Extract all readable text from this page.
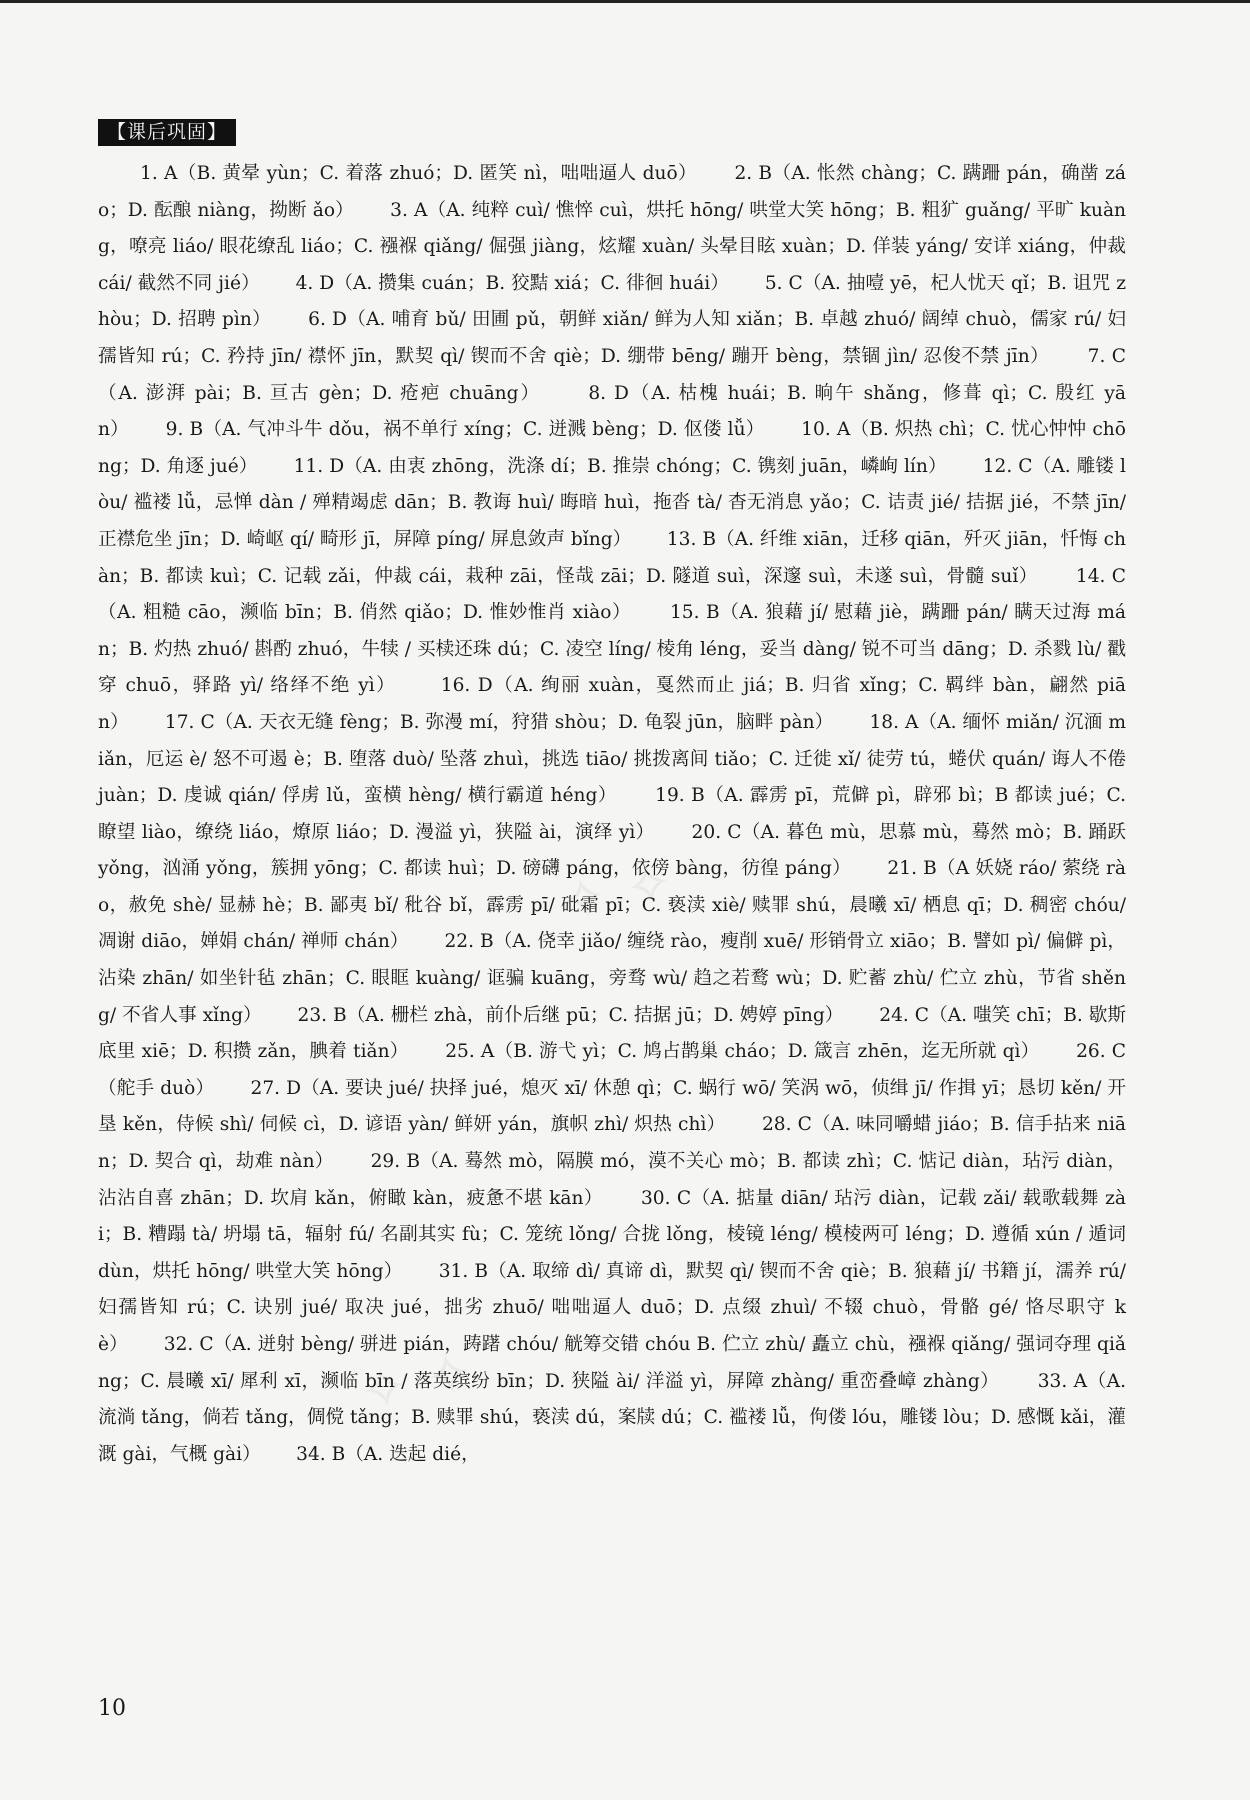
✧ ✧
✧ ✧
【课后巩固】
1. A（B. 黄晕 yùn；C. 着落 zhuó；D. 匿笑 nì，咄咄逼人 duō） 2. B（A. 怅然 chàng；C. 蹒跚 pán，确凿 záo；D. 酝酿 niàng，拗断 ǎo） 3. A（A. 纯粹 cuì/ 憔悴 cuì，烘托 hōng/ 哄堂大笑 hōng；B. 粗犷 guǎng/ 平旷 kuàng，嘹亮 liáo/ 眼花缭乱 liáo；C. 襁褓 qiǎng/ 倔强 jiàng，炫耀 xuàn/ 头晕目眩 xuàn；D. 佯装 yáng/ 安详 xiáng，仲裁 cái/ 截然不同 jié） 4. D（A. 攒集 cuán；B. 狡黠 xiá；C. 徘徊 huái） 5. C（A. 抽噎 yē，杞人忧天 qǐ；B. 诅咒 zhòu；D. 招聘 pìn） 6. D（A. 哺育 bǔ/ 田圃 pǔ，朝鲜 xiǎn/ 鲜为人知 xiǎn；B. 卓越 zhuó/ 阔绰 chuò，儒家 rú/ 妇孺皆知 rú；C. 矜持 jīn/ 襟怀 jīn，默契 qì/ 锲而不舍 qiè；D. 绷带 bēng/ 蹦开 bèng，禁锢 jìn/ 忍俊不禁 jīn） 7. C（A. 澎湃 pài；B. 亘古 gèn；D. 疮疤 chuāng）	8. D（A. 枯槐 huái；B. 晌午 shǎng，修葺 qì；C. 殷红 yān） 9. B（A. 气冲斗牛 dǒu，祸不单行 xíng；C. 迸溅 bèng；D. 伛偻 lǚ） 10. A（B. 炽热 chì；C. 忧心忡忡 chōng；D. 角逐 jué） 11. D（A. 由衷 zhōng，洗涤 dí；B. 推崇 chóng；C. 镌刻 juān，嶙峋 lín） 12. C（A. 雕镂 lòu/ 褴褛 lǚ，忌惮 dàn / 殚精竭虑 dān；B. 教诲 huì/ 晦暗 huì，拖沓 tà/ 杳无消息 yǎo；C. 诘责 jié/ 拮据 jié，不禁 jīn/ 正襟危坐 jīn；D. 崎岖 qí/ 畸形 jī，屏障 píng/ 屏息敛声 bǐng） 13. B（A. 纤维 xiān，迁移 qiān，歼灭 jiān，忏悔 chàn；B. 都读 kuì；C. 记载 zǎi，仲裁 cái，栽种 zāi，怪哉 zāi；D. 隧道 suì，深邃 suì，未遂 suì，骨髓 suǐ） 14. C（A. 粗糙 cāo，濒临 bīn；B. 俏然 qiǎo；D. 惟妙惟肖 xiào） 15. B（A. 狼藉 jí/ 慰藉 jiè，蹒跚 pán/ 瞒天过海 mán；B. 灼热 zhuó/ 斟酌 zhuó，牛犊 / 买椟还珠 dú；C. 凌空 líng/ 棱角 léng，妥当 dàng/ 锐不可当 dāng；D. 杀戮 lù/ 戳穿 chuō，驿路 yì/ 络绎不绝 yì） 16. D（A. 绚丽 xuàn，戛然而止 jiá；B. 归省 xǐng；C. 羁绊 bàn，翩然 piān） 17. C（A. 天衣无缝 fèng；B. 弥漫 mí，狩猎 shòu；D. 龟裂 jūn，脑畔 pàn） 18. A（A. 缅怀 miǎn/ 沉湎 miǎn，厄运 è/ 怒不可遏 è；B. 堕落 duò/ 坠落 zhuì，挑选 tiāo/ 挑拨离间 tiǎo；C. 迁徙 xǐ/ 徒劳 tú，蜷伏 quán/ 诲人不倦 juàn；D. 虔诚 qián/ 俘虏 lǔ，蛮横 hèng/ 横行霸道 héng） 19. B（A. 霹雳 pī，荒僻 pì，辟邪 bì；B 都读 jué；C. 瞭望 liào，缭绕 liáo，燎原 liáo；D. 漫溢 yì，狭隘 ài，演绎 yì） 20. C（A. 暮色 mù，思慕 mù，蓦然 mò；B. 踊跃 yǒng，汹涌 yǒng，簇拥 yōng；C. 都读 huì；D. 磅礴 páng，依傍 bàng，彷徨 páng） 21. B（A 妖娆 ráo/ 萦绕 rào，赦免 shè/ 显赫 hè；B. 鄙夷 bǐ/ 秕谷 bǐ，霹雳 pī/ 砒霜 pī；C. 亵渎 xiè/ 赎罪 shú，晨曦 xī/ 栖息 qī；D. 稠密 chóu/ 凋谢 diāo，婵娟 chán/ 禅师 chán） 22. B（A. 侥幸 jiǎo/ 缠绕 rào，瘦削 xuē/ 形销骨立 xiāo；B. 譬如 pì/ 偏僻 pì，沾染 zhān/ 如坐针毡 zhān；C. 眼眶 kuàng/ 诓骗 kuāng，旁骛 wù/ 趋之若鹜 wù；D. 贮蓄 zhù/ 伫立 zhù，节省 shěng/ 不省人事 xǐng） 23. B（A. 栅栏 zhà，前仆后继 pū；C. 拮据 jū；D. 娉婷 pīng） 24. C（A. 嗤笑 chī；B. 歇斯底里 xiē；D. 积攒 zǎn，腆着 tiǎn） 25. A（B. 游弋 yì；C. 鸠占鹊巢 cháo；D. 箴言 zhēn，迄无所就 qì） 26. C（舵手 duò） 27. D（A. 要诀 jué/ 抉择 jué，熄灭 xī/ 休憩 qì；C. 蜗行 wō/ 笑涡 wō，侦缉 jī/ 作揖 yī；恳切 kěn/ 开垦 kěn，侍候 shì/ 伺候 cì，D. 谚语 yàn/ 鲜妍 yán，旗帜 zhì/ 炽热 chì） 28. C（A. 味同嚼蜡 jiáo；B. 信手拈来 niān；D. 契合 qì，劫难 nàn） 29. B（A. 蓦然 mò，隔膜 mó，漠不关心 mò；B. 都读 zhì；C. 惦记 diàn，玷污 diàn，沾沾自喜 zhān；D. 坎肩 kǎn，俯瞰 kàn，疲惫不堪 kān） 30. C（A. 掂量 diān/ 玷污 diàn，记载 zǎi/ 载歌载舞 zài；B. 糟蹋 tà/ 坍塌 tā，辐射 fú/ 名副其实 fù；C. 笼统 lǒng/ 合拢 lǒng，棱镜 léng/ 模棱两可 léng；D. 遵循 xún / 遁词 dùn，烘托 hōng/ 哄堂大笑 hōng） 31. B（A. 取缔 dì/ 真谛 dì，默契 qì/ 锲而不舍 qiè；B. 狼藉 jí/ 书籍 jí，濡养 rú/ 妇孺皆知 rú；C. 诀别 jué/ 取决 jué，拙劣 zhuō/ 咄咄逼人 duō；D. 点缀 zhuì/ 不辍 chuò，骨骼 gé/ 恪尽职守 kè） 32. C（A. 迸射 bèng/ 骈进 pián，踌躇 chóu/ 觥筹交错 chóu B. 伫立 zhù/ 矗立 chù，襁褓 qiǎng/ 强词夺理 qiǎng；C. 晨曦 xī/ 犀利 xī，濒临 bīn / 落英缤纷 bīn；D. 狭隘 ài/ 洋溢 yì，屏障 zhàng/ 重峦叠嶂 zhàng） 33. A（A. 流淌 tǎng，倘若 tǎng，倜傥 tǎng；B. 赎罪 shú，亵渎 dú，案牍 dú；C. 褴褛 lǚ，佝偻 lóu，雕镂 lòu；D. 感慨 kǎi，灌溉 gài，气概 gài） 34. B（A. 迭起 dié，
10
